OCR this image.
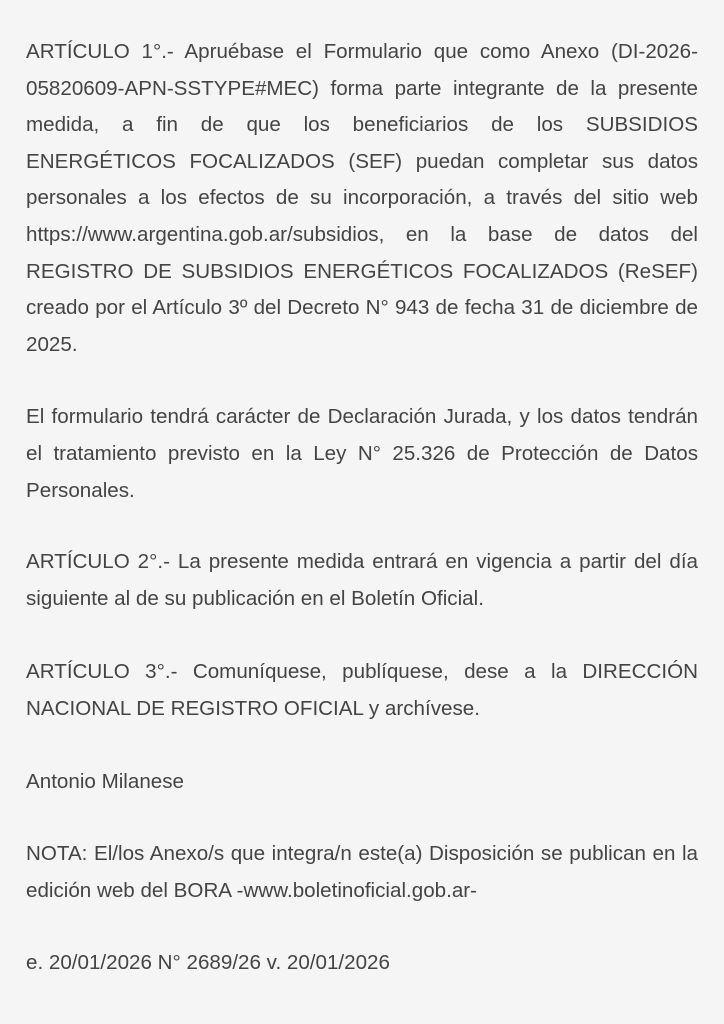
ARTÍCULO 1°.- Apruébase el Formulario que como Anexo (DI-2026-05820609-APN-SSTYPE#MEC) forma parte integrante de la presente medida, a fin de que los beneficiarios de los SUBSIDIOS ENERGÉTICOS FOCALIZADOS (SEF) puedan completar sus datos personales a los efectos de su incorporación, a través del sitio web https://www.argentina.gob.ar/subsidios, en la base de datos del REGISTRO DE SUBSIDIOS ENERGÉTICOS FOCALIZADOS (ReSEF) creado por el Artículo 3º del Decreto N° 943 de fecha 31 de diciembre de 2025.

El formulario tendrá carácter de Declaración Jurada, y los datos tendrán el tratamiento previsto en la Ley N° 25.326 de Protección de Datos Personales.

ARTÍCULO 2°.- La presente medida entrará en vigencia a partir del día siguiente al de su publicación en el Boletín Oficial.

ARTÍCULO 3°.- Comuníquese, publíquese, dese a la DIRECCIÓN NACIONAL DE REGISTRO OFICIAL y archívese.

Antonio Milanese

NOTA: El/los Anexo/s que integra/n este(a) Disposición se publican en la edición web del BORA -www.boletinoficial.gob.ar-

e. 20/01/2026 N° 2689/26 v. 20/01/2026
